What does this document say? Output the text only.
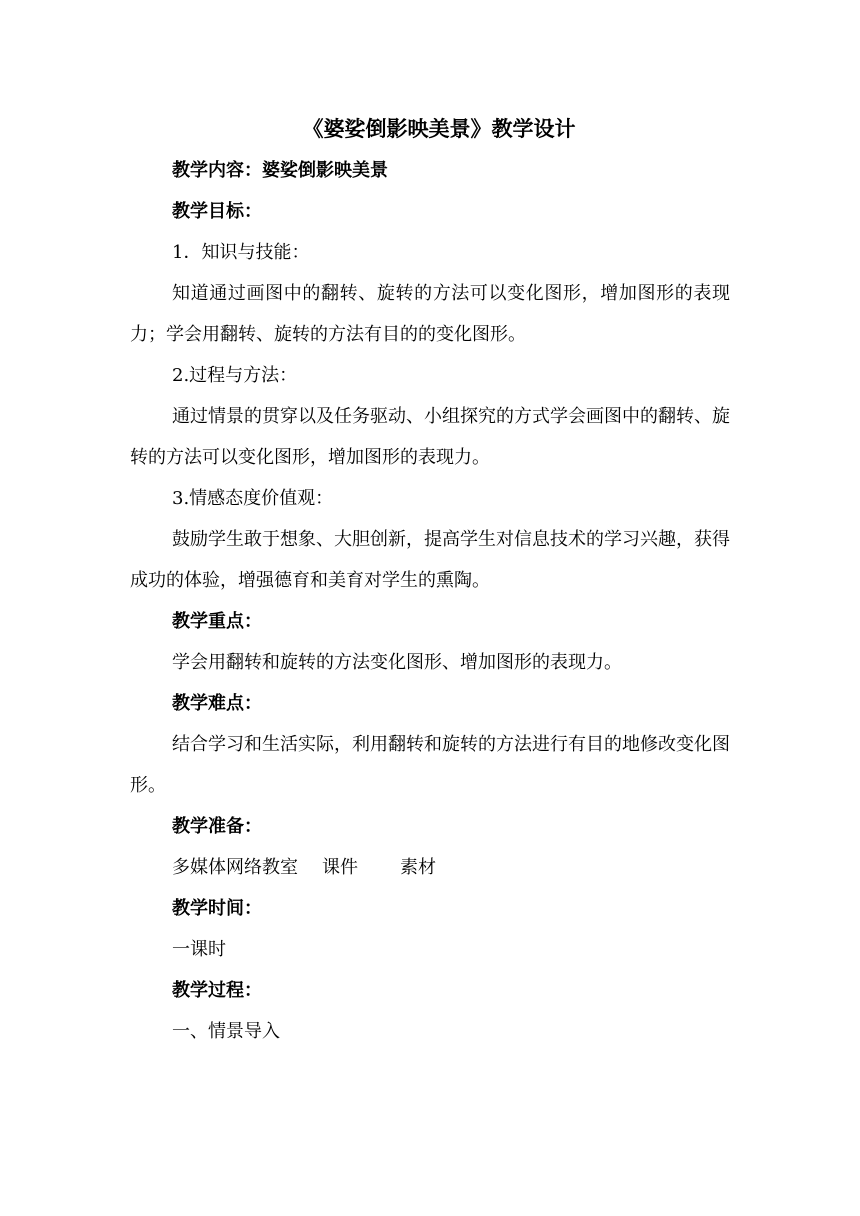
《婆娑倒影映美景》教学设计

教学内容：婆娑倒影映美景

教学目标：

1．知识与技能：

知道通过画图中的翻转、旋转的方法可以变化图形，增加图形的表现力；学会用翻转、旋转的方法有目的的变化图形。

2.过程与方法：

通过情景的贯穿以及任务驱动、小组探究的方式学会画图中的翻转、旋转的方法可以变化图形，增加图形的表现力。

3.情感态度价值观：

鼓励学生敢于想象、大胆创新，提高学生对信息技术的学习兴趣，获得成功的体验，增强德育和美育对学生的熏陶。

教学重点：

学会用翻转和旋转的方法变化图形、增加图形的表现力。

教学难点：

结合学习和生活实际，利用翻转和旋转的方法进行有目的地修改变化图形。

教学准备：

多媒体网络教室 课件 素材

教学时间：

一课时

教学过程：

一、情景导入
